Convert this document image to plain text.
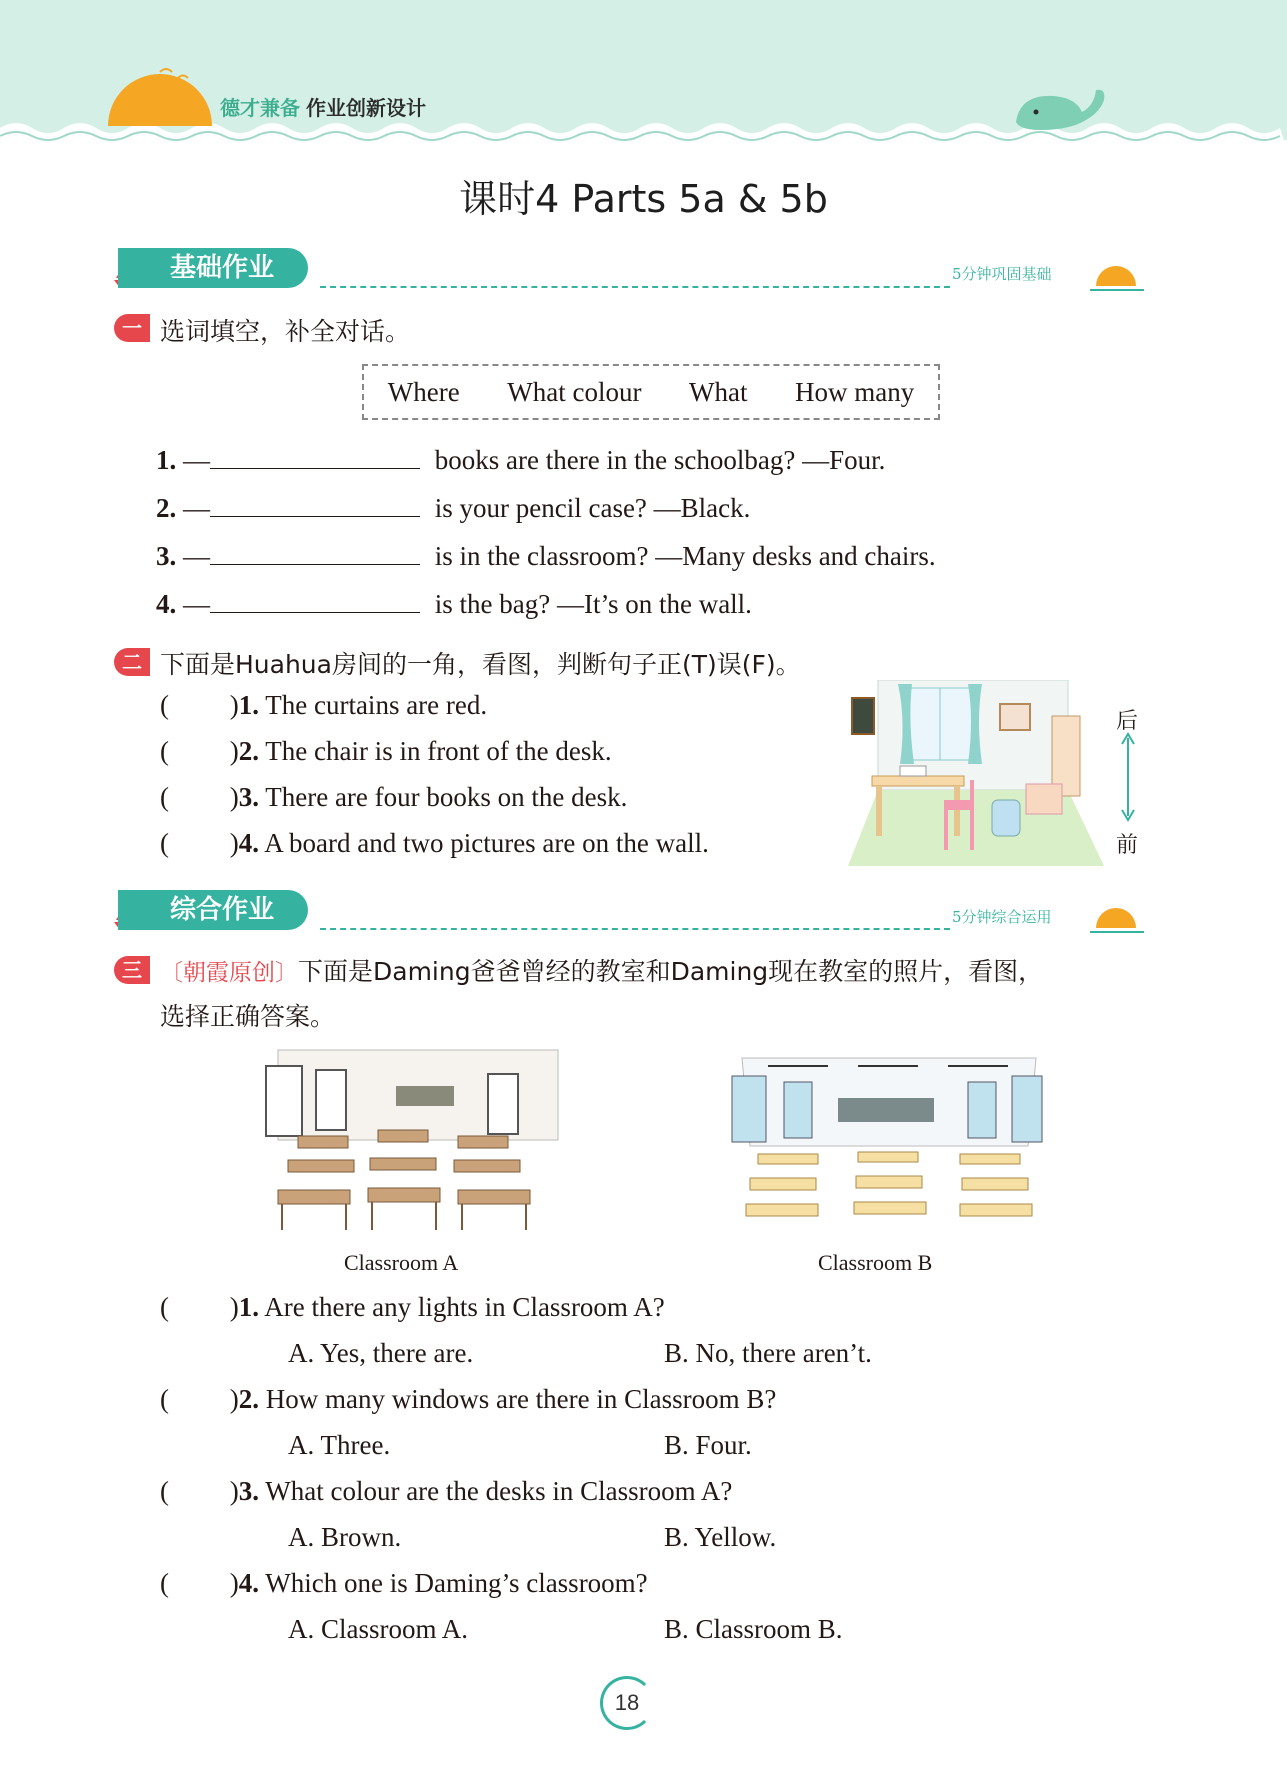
德才兼备 作业创新设计
课时4 Parts 5a & 5b
基础作业	5分钟巩固基础
一 选词填空，补全对话。
Where What colour What How many
1. —	books are there in the schoolbag? —Four.
2. —	is your pencil case? —Black.
3. —	is in the classroom? —Many desks and chairs.
4. —	is the bag? —It’s on the wall.
二 下面是Huahua房间的一角，看图，判断句子正(T)误(F)。
(         )1. The curtains are red.
(         )2. The chair is in front of the desk.
(         )3. There are four books on the desk.
(         )4. A board and two pictures are on the wall.
后
前
综合作业	5分钟综合运用
三 〔朝霞原创〕下面是Daming爸爸曾经的教室和Daming现在教室的照片，看图，
选择正确答案。
Classroom A	Classroom B
(         )1. Are there any lights in Classroom A?
A. Yes, there are.	B. No, there aren’t.
(         )2. How many windows are there in Classroom B?
A. Three.	B. Four.
(         )3. What colour are the desks in Classroom A?
A. Brown.	B. Yellow.
(         )4. Which one is Daming’s classroom?
A. Classroom A.	B. Classroom B.
18
